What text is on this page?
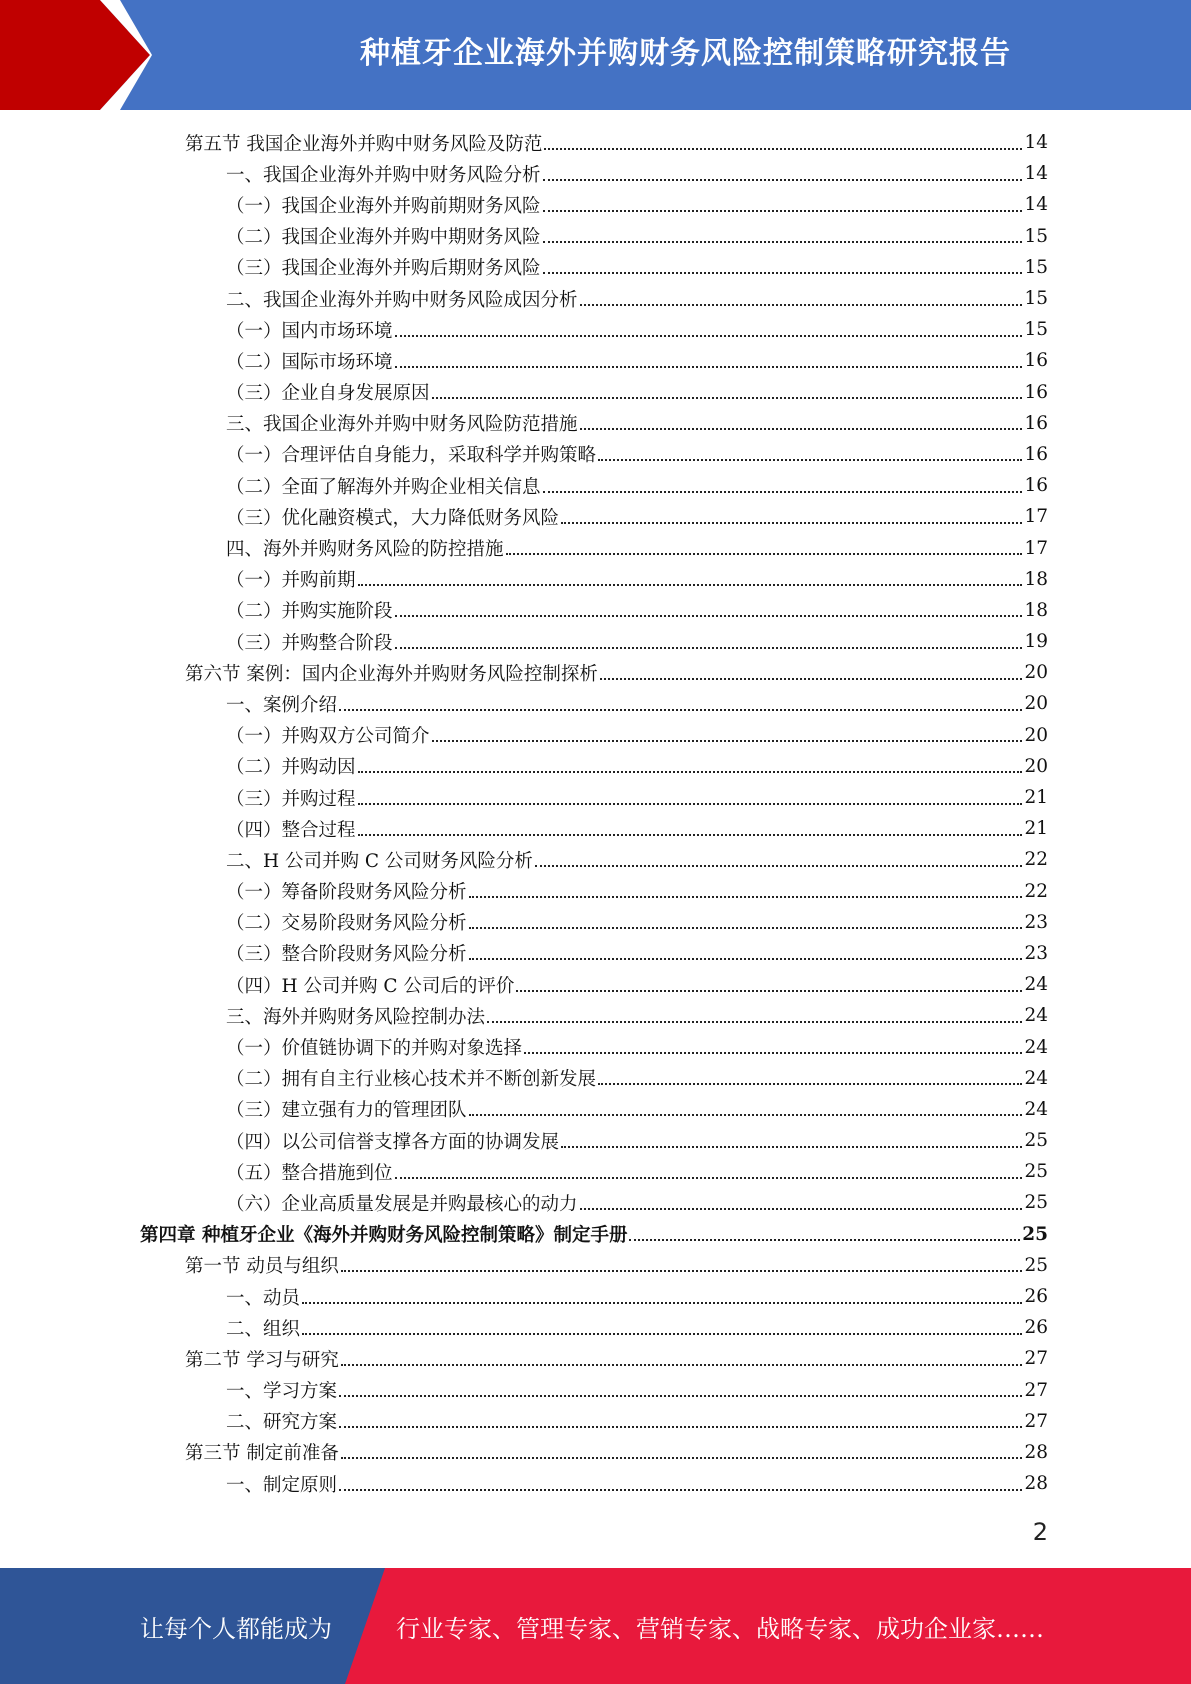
种植牙企业海外并购财务风险控制策略研究报告
第五节 我国企业海外并购中财务风险及防范	14
一、我国企业海外并购中财务风险分析	14
（一）我国企业海外并购前期财务风险	14
（二）我国企业海外并购中期财务风险	15
（三）我国企业海外并购后期财务风险	15
二、我国企业海外并购中财务风险成因分析	15
（一）国内市场环境	15
（二）国际市场环境	16
（三）企业自身发展原因	16
三、我国企业海外并购中财务风险防范措施	16
（一）合理评估自身能力，采取科学并购策略	16
（二）全面了解海外并购企业相关信息	16
（三）优化融资模式，大力降低财务风险	17
四、海外并购财务风险的防控措施	17
（一）并购前期	18
（二）并购实施阶段	18
（三）并购整合阶段	19
第六节 案例：国内企业海外并购财务风险控制探析	20
一、案例介绍	20
（一）并购双方公司简介	20
（二）并购动因	20
（三）并购过程	21
（四）整合过程	21
二、H 公司并购 C 公司财务风险分析	22
（一）筹备阶段财务风险分析	22
（二）交易阶段财务风险分析	23
（三）整合阶段财务风险分析	23
（四）H 公司并购 C 公司后的评价	24
三、海外并购财务风险控制办法	24
（一）价值链协调下的并购对象选择	24
（二）拥有自主行业核心技术并不断创新发展	24
（三）建立强有力的管理团队	24
（四）以公司信誉支撑各方面的协调发展	25
（五）整合措施到位	25
（六）企业高质量发展是并购最核心的动力	25
第四章 种植牙企业《海外并购财务风险控制策略》制定手册	25
第一节 动员与组织	25
一、动员	26
二、组织	26
第二节 学习与研究	27
一、学习方案	27
二、研究方案	27
第三节 制定前准备	28
一、制定原则	28
2
让每个人都能成为	行业专家、管理专家、营销专家、战略专家、成功企业家……
